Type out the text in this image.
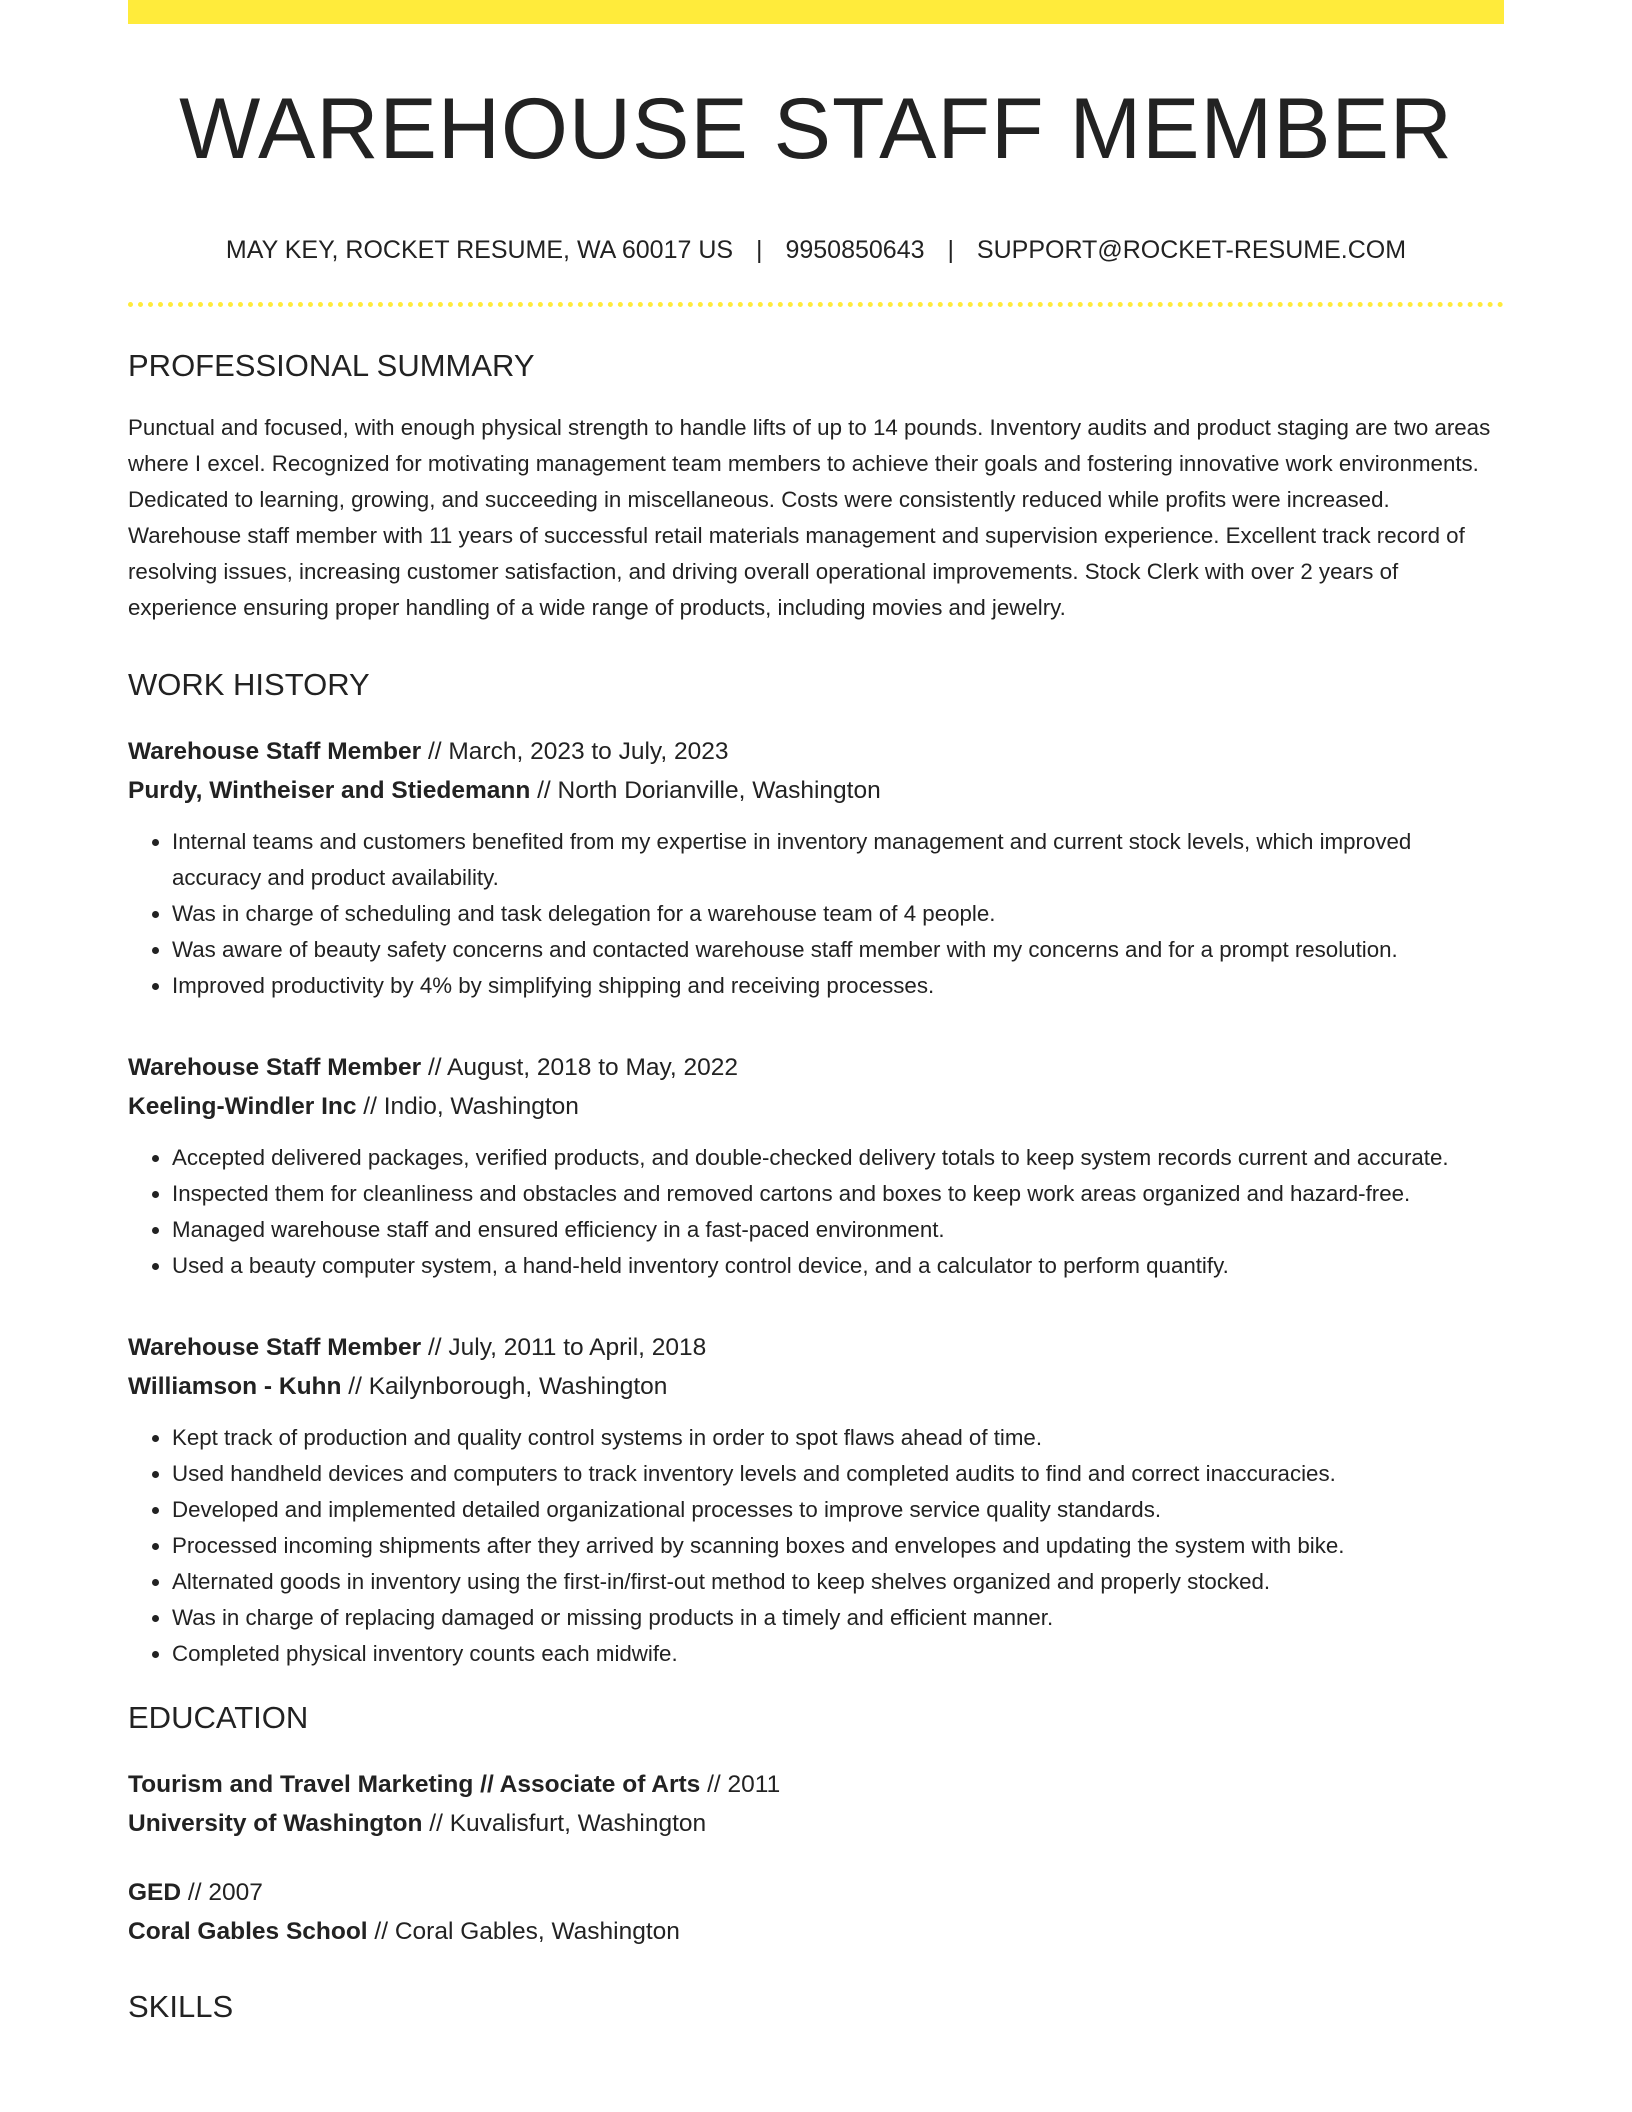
WAREHOUSE STAFF MEMBER
MAY KEY, ROCKET RESUME, WA 60017 US | 9950850643 | SUPPORT@ROCKET-RESUME.COM
PROFESSIONAL SUMMARY

Punctual and focused, with enough physical strength to handle lifts of up to 14 pounds. Inventory audits and product staging are two areas where I excel. Recognized for motivating management team members to achieve their goals and fostering innovative work environments. Dedicated to learning, growing, and succeeding in miscellaneous. Costs were consistently reduced while profits were increased. Warehouse staff member with 11 years of successful retail materials management and supervision experience. Excellent track record of resolving issues, increasing customer satisfaction, and driving overall operational improvements. Stock Clerk with over 2 years of experience ensuring proper handling of a wide range of products, including movies and jewelry.

WORK HISTORY
Warehouse Staff Member // March, 2023 to July, 2023
Purdy, Wintheiser and Stiedemann // North Dorianville, Washington
• Internal teams and customers benefited from my expertise in inventory management and current stock levels, which improved accuracy and product availability.
• Was in charge of scheduling and task delegation for a warehouse team of 4 people.
• Was aware of beauty safety concerns and contacted warehouse staff member with my concerns and for a prompt resolution.
• Improved productivity by 4% by simplifying shipping and receiving processes.
Warehouse Staff Member // August, 2018 to May, 2022
Keeling-Windler Inc // Indio, Washington
• Accepted delivered packages, verified products, and double-checked delivery totals to keep system records current and accurate.
• Inspected them for cleanliness and obstacles and removed cartons and boxes to keep work areas organized and hazard-free.
• Managed warehouse staff and ensured efficiency in a fast-paced environment.
• Used a beauty computer system, a hand-held inventory control device, and a calculator to perform quantify.
Warehouse Staff Member // July, 2011 to April, 2018
Williamson - Kuhn // Kailynborough, Washington
• Kept track of production and quality control systems in order to spot flaws ahead of time.
• Used handheld devices and computers to track inventory levels and completed audits to find and correct inaccuracies.
• Developed and implemented detailed organizational processes to improve service quality standards.
• Processed incoming shipments after they arrived by scanning boxes and envelopes and updating the system with bike.
• Alternated goods in inventory using the first-in/first-out method to keep shelves organized and properly stocked.
• Was in charge of replacing damaged or missing products in a timely and efficient manner.
• Completed physical inventory counts each midwife.
EDUCATION
Tourism and Travel Marketing // Associate of Arts // 2011
University of Washington // Kuvalisfurt, Washington
GED // 2007
Coral Gables School // Coral Gables, Washington
SKILLS
